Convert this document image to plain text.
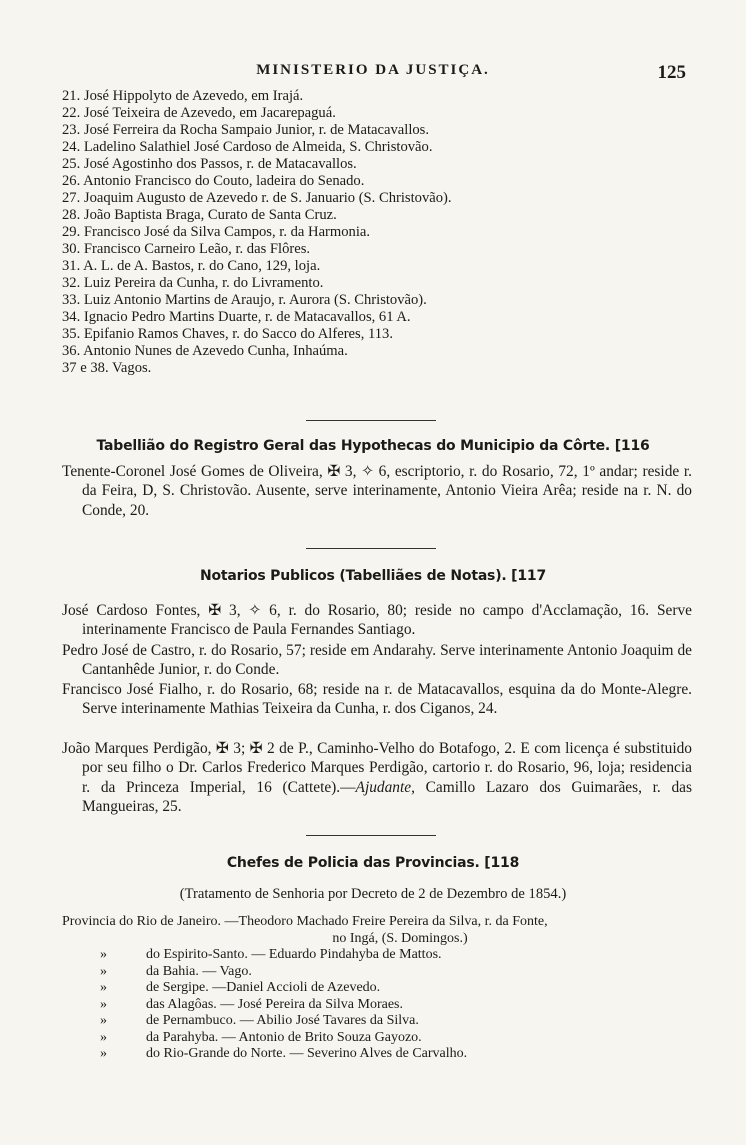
MINISTERIO DA JUSTIÇA.	125
21. José Hippolyto de Azevedo, em Irajá.
22. José Teixeira de Azevedo, em Jacarepaguá.
23. José Ferreira da Rocha Sampaio Junior, r. de Matacavallos.
24. Ladelino Salathiel José Cardoso de Almeida, S. Christovão.
25. José Agostinho dos Passos, r. de Matacavallos.
26. Antonio Francisco do Couto, ladeira do Senado.
27. Joaquim Augusto de Azevedo r. de S. Januario (S. Christovão).
28. João Baptista Braga, Curato de Santa Cruz.
29. Francisco José da Silva Campos, r. da Harmonia.
30. Francisco Carneiro Leão, r. das Flôres.
31. A. L. de A. Bastos, r. do Cano, 129, loja.
32. Luiz Pereira da Cunha, r. do Livramento.
33. Luiz Antonio Martins de Araujo, r. Aurora (S. Christovão).
34. Ignacio Pedro Martins Duarte, r. de Matacavallos, 61 A.
35. Epifanio Ramos Chaves, r. do Sacco do Alferes, 113.
36. Antonio Nunes de Azevedo Cunha, Inhaúma.
37 e 38. Vagos.
Tabellião do Registro Geral das Hypothecas do Municipio da Côrte. [116
Tenente-Coronel José Gomes de Oliveira, ✠ 3, ✧ 6, escriptorio, r. do Rosario, 72, 1º andar; reside r. da Feira, D, S. Christovão. Ausente, serve interinamente, Antonio Vieira Arêa; reside na r. N. do Conde, 20.
Notarios Publicos (Tabelliães de Notas). [117
José Cardoso Fontes, ✠ 3, ✧ 6, r. do Rosario, 80; reside no campo d'Acclamação, 16. Serve interinamente Francisco de Paula Fernandes Santiago.
Pedro José de Castro, r. do Rosario, 57; reside em Andarahy. Serve interinamente Antonio Joaquim de Cantanhêde Junior, r. do Conde.
Francisco José Fialho, r. do Rosario, 68; reside na r. de Matacavallos, esquina da do Monte-Alegre. Serve interinamente Mathias Teixeira da Cunha, r. dos Ciganos, 24.
João Marques Perdigão, ✠ 3; ✠ 2 de P., Caminho-Velho do Botafogo, 2. E com licença é substituido por seu filho o Dr. Carlos Frederico Marques Perdigão, cartorio r. do Rosario, 96, loja; residencia r. da Princeza Imperial, 16 (Cattete).—Ajudante, Camillo Lazaro dos Guimarães, r. das Mangueiras, 25.
Chefes de Policia das Provincias. [118
(Tratamento de Senhoria por Decreto de 2 de Dezembro de 1854.)
Provincia do Rio de Janeiro. —Theodoro Machado Freire Pereira da Silva, r. da Fonte,
no Ingá, (S. Domingos.)
»	do Espirito-Santo. — Eduardo Pindahyba de Mattos.
»	da Bahia. — Vago.
»	de Sergipe. —Daniel Accioli de Azevedo.
»	das Alagôas. — José Pereira da Silva Moraes.
»	de Pernambuco. — Abilio José Tavares da Silva.
»	da Parahyba. — Antonio de Brito Souza Gayozo.
»	do Rio-Grande do Norte. — Severino Alves de Carvalho.
